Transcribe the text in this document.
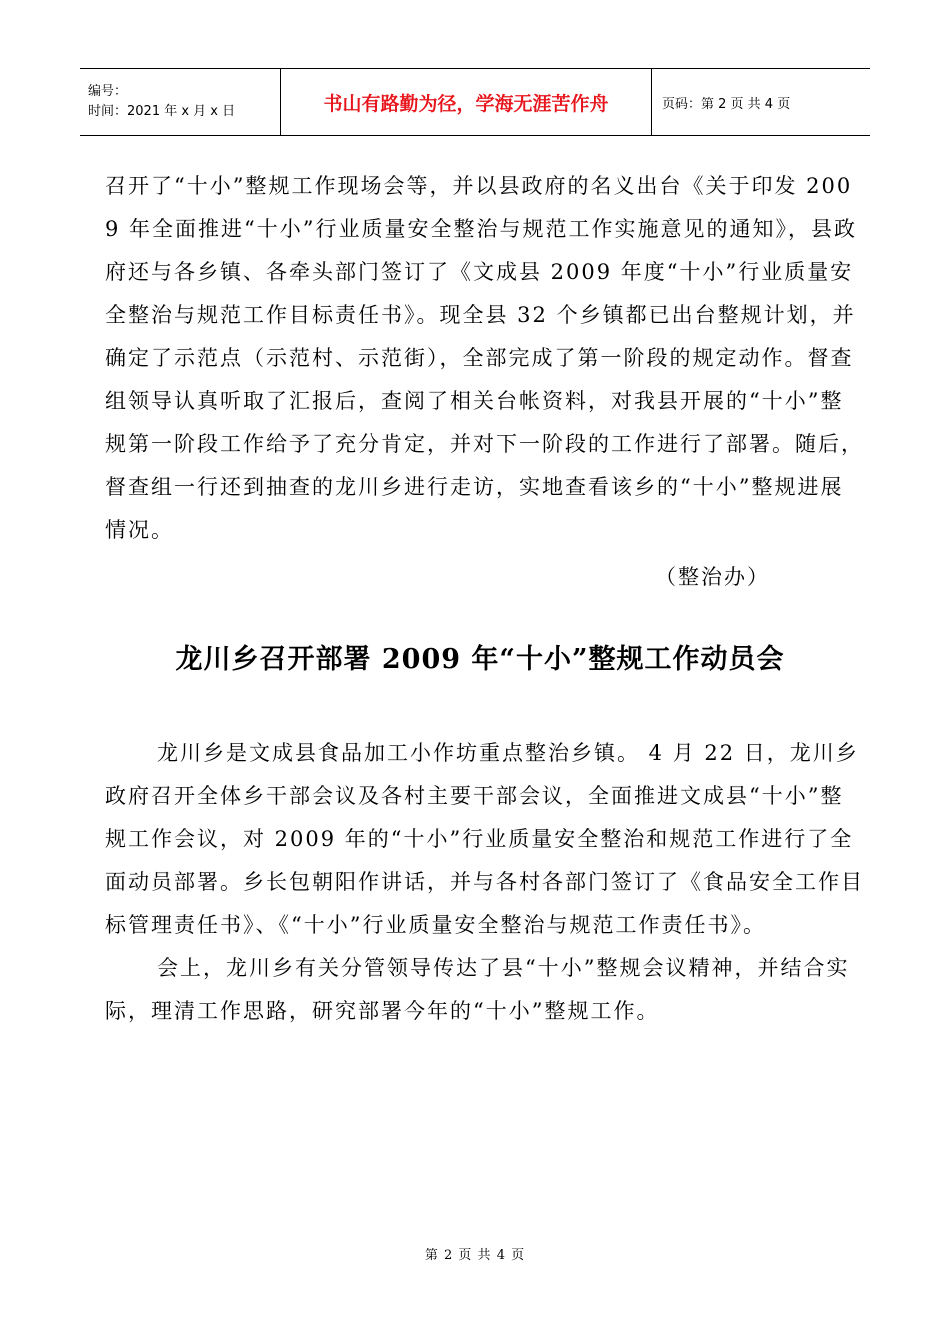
编号：
时间：2021 年 x 月 x 日	书山有路勤为径，学海无涯苦作舟	页码：第 2 页 共 4 页

召开了“十小”整规工作现场会等，并以县政府的名义出台《关于印发 2009 年全面推进“十小”行业质量安全整治与规范工作实施意见的通知》，县政府还与各乡镇、各牵头部门签订了《文成县 2009 年度“十小”行业质量安全整治与规范工作目标责任书》。现全县 32 个乡镇都已出台整规计划，并确定了示范点（示范村、示范街），全部完成了第一阶段的规定动作。督查组领导认真听取了汇报后，查阅了相关台帐资料，对我县开展的“十小”整规第一阶段工作给予了充分肯定，并对下一阶段的工作进行了部署。随后，督查组一行还到抽查的龙川乡进行走访，实地查看该乡的“十小”整规进展情况。

（整治办）

龙川乡召开部署 2009 年“十小”整规工作动员会

龙川乡是文成县食品加工小作坊重点整治乡镇。 4 月 22 日，龙川乡政府召开全体乡干部会议及各村主要干部会议，全面推进文成县“十小”整规工作会议，对 2009 年的“十小”行业质量安全整治和规范工作进行了全面动员部署。乡长包朝阳作讲话，并与各村各部门签订了《食品安全工作目标管理责任书》、《“十小”行业质量安全整治与规范工作责任书》。

会上，龙川乡有关分管领导传达了县“十小”整规会议精神，并结合实际，理清工作思路，研究部署今年的“十小”整规工作。

第 2 页 共 4 页
